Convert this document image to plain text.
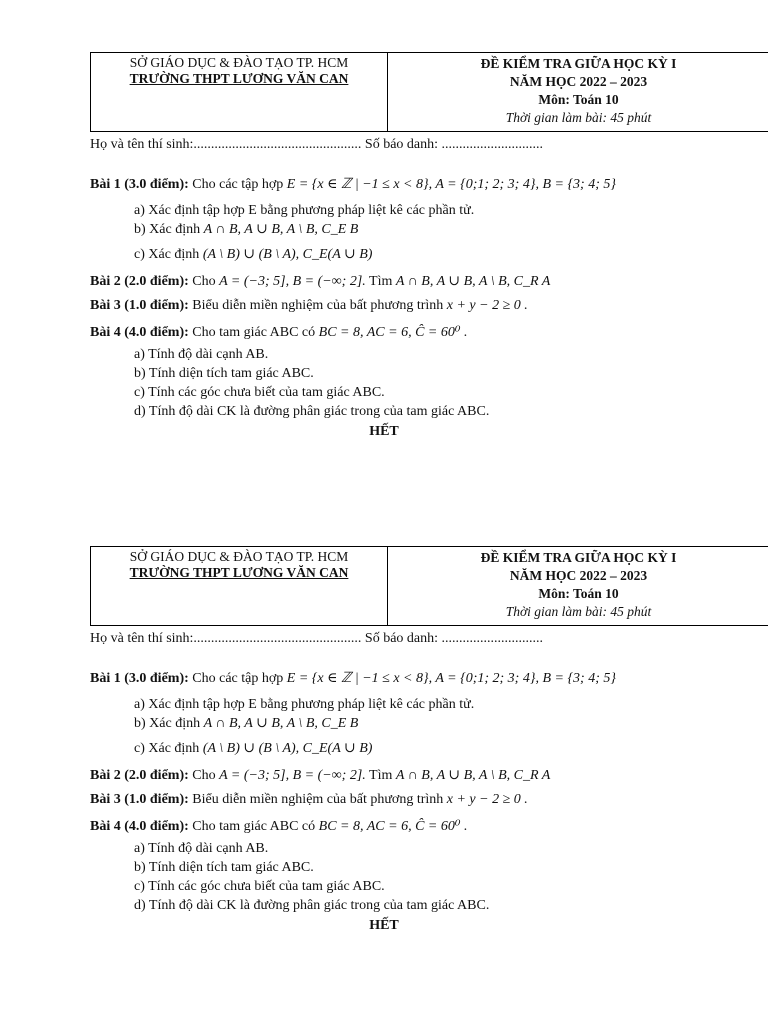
SỞ GIÁO DỤC & ĐÀO TẠO TP. HCM
TRƯỜNG THPT LƯƠNG VĂN CAN
ĐỀ KIỂM TRA GIỮA HỌC KỲ I
NĂM HỌC 2022 – 2023
Môn: Toán 10
Thời gian làm bài: 45 phút
Họ và tên thí sinh:................................................ Số báo danh: .............................
Bài 1 (3.0 điểm): Cho các tập hợp E = {x ∈ ℤ | −1 ≤ x < 8}, A = {0;1; 2; 3; 4}, B = {3; 4; 5}
a) Xác định tập hợp E bằng phương pháp liệt kê các phần tử.
b) Xác định A ∩ B, A ∪ B, A \ B, C_E B
c) Xác định (A \ B) ∪ (B \ A), C_E(A ∪ B)
Bài 2 (2.0 điểm): Cho A = (−3; 5], B = (−∞; 2]. Tìm A ∩ B, A ∪ B, A \ B, C_R A
Bài 3 (1.0 điểm): Biểu diễn miền nghiệm của bất phương trình x + y − 2 ≥ 0 .
Bài 4 (4.0 điểm): Cho tam giác ABC có BC = 8, AC = 6, Ĉ = 60⁰ .
a) Tính độ dài cạnh AB.
b) Tính diện tích tam giác ABC.
c) Tính các góc chưa biết của tam giác ABC.
d) Tính độ dài CK là đường phân giác trong của tam giác ABC.
HẾT
SỞ GIÁO DỤC & ĐÀO TẠO TP. HCM
TRƯỜNG THPT LƯƠNG VĂN CAN
ĐỀ KIỂM TRA GIỮA HỌC KỲ I
NĂM HỌC 2022 – 2023
Môn: Toán 10
Thời gian làm bài: 45 phút
Họ và tên thí sinh:................................................ Số báo danh: .............................
Bài 1 (3.0 điểm): Cho các tập hợp E = {x ∈ ℤ | −1 ≤ x < 8}, A = {0;1; 2; 3; 4}, B = {3; 4; 5}
a) Xác định tập hợp E bằng phương pháp liệt kê các phần tử.
b) Xác định A ∩ B, A ∪ B, A \ B, C_E B
c) Xác định (A \ B) ∪ (B \ A), C_E(A ∪ B)
Bài 2 (2.0 điểm): Cho A = (−3; 5], B = (−∞; 2]. Tìm A ∩ B, A ∪ B, A \ B, C_R A
Bài 3 (1.0 điểm): Biểu diễn miền nghiệm của bất phương trình x + y − 2 ≥ 0 .
Bài 4 (4.0 điểm): Cho tam giác ABC có BC = 8, AC = 6, Ĉ = 60⁰ .
a) Tính độ dài cạnh AB.
b) Tính diện tích tam giác ABC.
c) Tính các góc chưa biết của tam giác ABC.
d) Tính độ dài CK là đường phân giác trong của tam giác ABC.
HẾT
